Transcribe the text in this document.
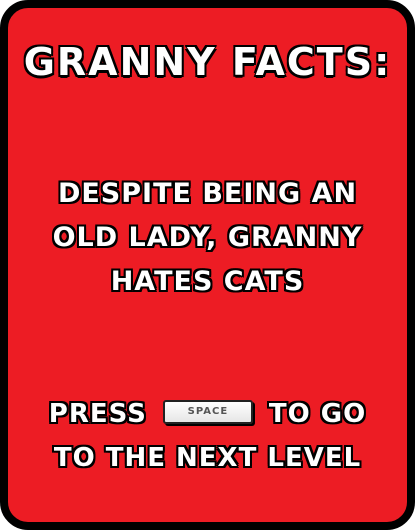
GRANNY FACTS:
DESPITE BEING AN
OLD LADY, GRANNY
HATES CATS
PRESS	SPACE TO GO
TO THE NEXT LEVEL
